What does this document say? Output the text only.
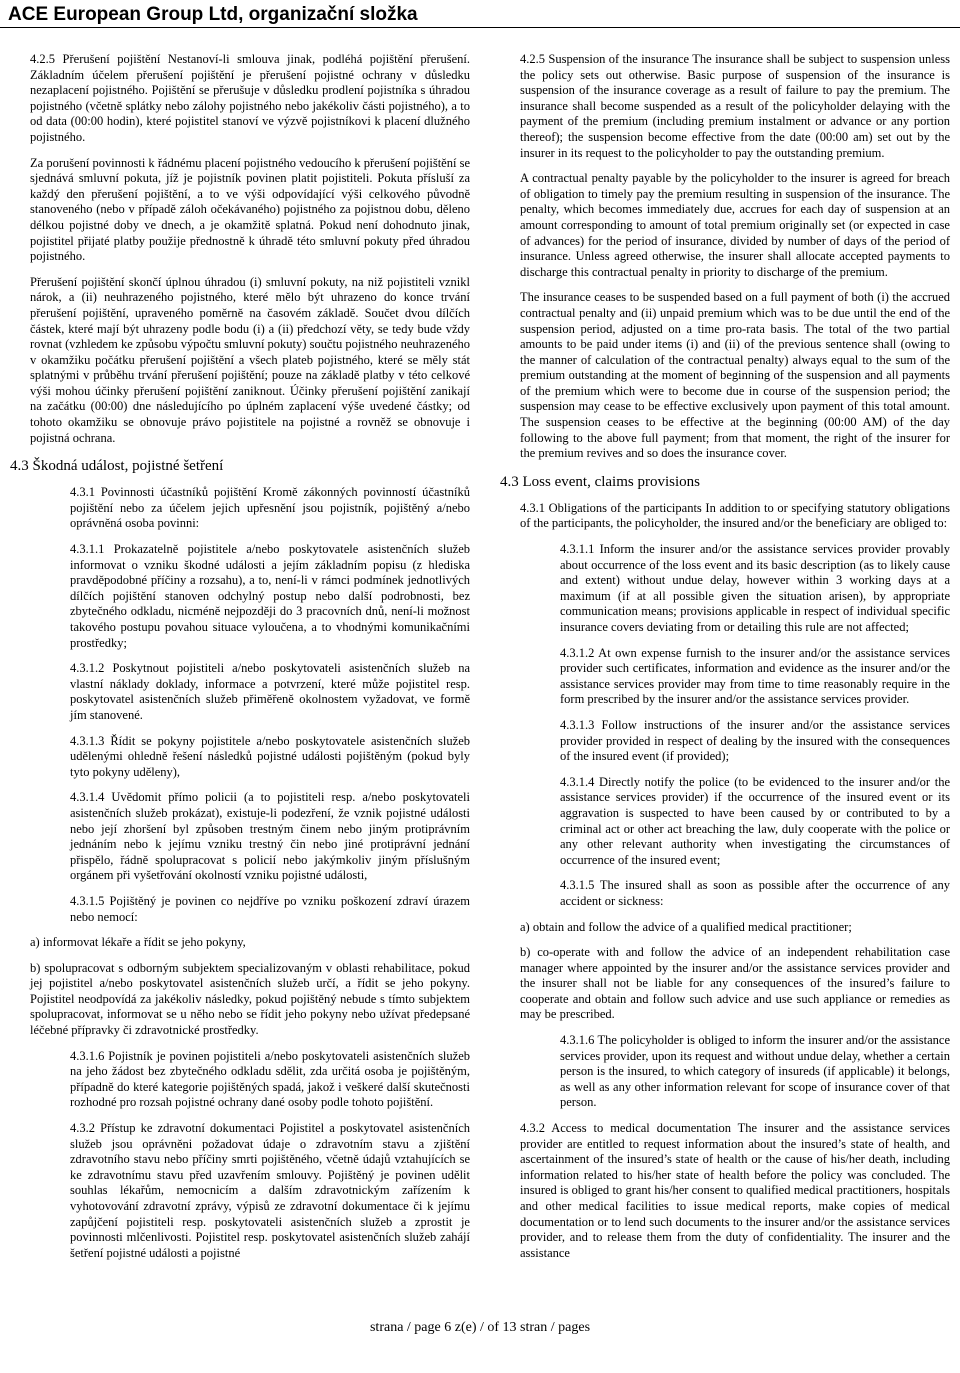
ACE European Group Ltd, organizační složka

4.2.5 Přerušení pojištění Nestanoví-li smlouva jinak, podléhá pojištění přerušení. Základním účelem přerušení pojištění je přerušení pojistné ochrany v důsledku nezaplacení pojistného. Pojištění se přerušuje v důsledku prodlení pojistníka s úhradou pojistného (včetně splátky nebo zálohy pojistného nebo jakékoliv části pojistného), a to od data (00:00 hodin), které pojistitel stanoví ve výzvě pojistníkovi k placení dlužného pojistného.

Za porušení povinnosti k řádnému placení pojistného vedoucího k přerušení pojištění se sjednává smluvní pokuta, jíž je pojistník povinen platit pojistiteli. Pokuta přísluší za každý den přerušení pojištění, a to ve výši odpovídající výši celkového původně stanoveného (nebo v případě záloh očekávaného) pojistného za pojistnou dobu, děleno délkou pojistné doby ve dnech, a je okamžitě splatná. Pokud není dohodnuto jinak, pojistitel přijaté platby použije přednostně k úhradě této smluvní pokuty před úhradou pojistného.

Přerušení pojištění skončí úplnou úhradou (i) smluvní pokuty, na niž pojistiteli vznikl nárok, a (ii) neuhrazeného pojistného, které mělo být uhrazeno do konce trvání přerušení pojištění, upraveného poměrně na časovém základě. Součet dvou dílčích částek, které mají být uhrazeny podle bodu (i) a (ii) předchozí věty, se tedy bude vždy rovnat (vzhledem ke způsobu výpočtu smluvní pokuty) součtu pojistného neuhrazeného v okamžiku počátku přerušení pojištění a všech plateb pojistného, které se měly stát splatnými v průběhu trvání přerušení pojištění; pouze na základě platby v této celkové výši mohou účinky přerušení pojištění zaniknout. Účinky přerušení pojištění zanikají na začátku (00:00) dne následujícího po úplném zaplacení výše uvedené částky; od tohoto okamžiku se obnovuje právo pojistitele na pojistné a rovněž se obnovuje i pojistná ochrana.

4.3 Škodná událost, pojistné šetření

4.3.1 Povinnosti účastníků pojištění Kromě zákonných povinností účastníků pojištění nebo za účelem jejich upřesnění jsou pojistník, pojištěný a/nebo oprávněná osoba povinni:

4.3.1.1 Prokazatelně pojistitele a/nebo poskytovatele asistenčních služeb informovat o vzniku škodné události a jejím základním popisu (z hlediska pravděpodobné příčiny a rozsahu), a to, není-li v rámci podmínek jednotlivých dílčích pojištění stanoven odchylný postup nebo další podrobnosti, bez zbytečného odkladu, nicméně nejpozději do 3 pracovních dnů, není-li možnost takového postupu povahou situace vyloučena, a to vhodnými komunikačními prostředky;

4.3.1.2 Poskytnout pojistiteli a/nebo poskytovateli asistenčních služeb na vlastní náklady doklady, informace a potvrzení, které může pojistitel resp. poskytovatel asistenčních služeb přiměřeně okolnostem vyžadovat, ve formě jím stanovené.

4.3.1.3 Řídit se pokyny pojistitele a/nebo poskytovatele asistenčních služeb udělenými ohledně řešení následků pojistné události pojištěným (pokud byly tyto pokyny uděleny),

4.3.1.4 Uvědomit přímo policii (a to pojistiteli resp. a/nebo poskytovateli asistenčních služeb prokázat), existuje-li podezření, že vznik pojistné události nebo její zhoršení byl způsoben trestným činem nebo jiným protiprávním jednáním nebo k jejímu vzniku trestný čin nebo jiné protiprávní jednání přispělo, řádně spolupracovat s policií nebo jakýmkoliv jiným příslušným orgánem při vyšetřování okolností vzniku pojistné události,

4.3.1.5 Pojištěný je povinen co nejdříve po vzniku poškození zdraví úrazem nebo nemocí:

a) informovat lékaře a řídit se jeho pokyny,

b) spolupracovat s odborným subjektem specializovaným v oblasti rehabilitace, pokud jej pojistitel a/nebo poskytovatel asistenčních služeb určí, a řídit se jeho pokyny. Pojistitel neodpovídá za jakékoliv následky, pokud pojištěný nebude s tímto subjektem spolupracovat, informovat se u něho nebo se řídit jeho pokyny nebo užívat předepsané léčebné přípravky či zdravotnické prostředky.

4.3.1.6 Pojistník je povinen pojistiteli a/nebo poskytovateli asistenčních služeb na jeho žádost bez zbytečného odkladu sdělit, zda určitá osoba je pojištěným, případně do které kategorie pojištěných spadá, jakož i veškeré další skutečnosti rozhodné pro rozsah pojistné ochrany dané osoby podle tohoto pojištění.

4.3.2 Přístup ke zdravotní dokumentaci Pojistitel a poskytovatel asistenčních služeb jsou oprávněni požadovat údaje o zdravotním stavu a zjištění zdravotního stavu nebo příčiny smrti pojištěného, včetně údajů vztahujících se ke zdravotnímu stavu před uzavřením smlouvy. Pojištěný je povinen udělit souhlas lékařům, nemocnicím a dalším zdravotnickým zařízením k vyhotovování zdravotní zprávy, výpisů ze zdravotní dokumentace či k jejímu zapůjčení pojistiteli resp. poskytovateli asistenčních služeb a zprostit je povinnosti mlčenlivosti. Pojistitel resp. poskytovatel asistenčních služeb zahájí šetření pojistné události a pojistné

4.2.5 Suspension of the insurance The insurance shall be subject to suspension unless the policy sets out otherwise. Basic purpose of suspension of the insurance is suspension of the insurance coverage as a result of failure to pay the premium. The insurance shall become suspended as a result of the policyholder delaying with the payment of the premium (including premium instalment or advance or any portion thereof); the suspension become effective from the date (00:00 am) set out by the insurer in its request to the policyholder to pay the outstanding premium.

A contractual penalty payable by the policyholder to the insurer is agreed for breach of obligation to timely pay the premium resulting in suspension of the insurance. The penalty, which becomes immediately due, accrues for each day of suspension at an amount corresponding to amount of total premium originally set (or expected in case of advances) for the period of insurance, divided by number of days of the period of insurance. Unless agreed otherwise, the insurer shall allocate accepted payments to discharge this contractual penalty in priority to discharge of the premium.

The insurance ceases to be suspended based on a full payment of both (i) the accrued contractual penalty and (ii) unpaid premium which was to be due until the end of the suspension period, adjusted on a time pro-rata basis. The total of the two partial amounts to be paid under items (i) and (ii) of the previous sentence shall (owing to the manner of calculation of the contractual penalty) always equal to the sum of the premium outstanding at the moment of beginning of the suspension and all payments of the premium which were to become due in course of the suspension period; the suspension may cease to be effective exclusively upon payment of this total amount. The suspension ceases to be effective at the beginning (00:00 AM) of the day following to the above full payment; from that moment, the right of the insurer for the premium revives and so does the insurance cover.

4.3 Loss event, claims provisions

4.3.1 Obligations of the participants In addition to or specifying statutory obligations of the participants, the policyholder, the insured and/or the beneficiary are obliged to:

4.3.1.1 Inform the insurer and/or the assistance services provider provably about occurrence of the loss event and its basic description (as to likely cause and extent) without undue delay, however within 3 working days at a maximum (if at all possible given the situation arisen), by appropriate communication means; provisions applicable in respect of individual specific insurance covers deviating from or detailing this rule are not affected;

4.3.1.2 At own expense furnish to the insurer and/or the assistance services provider such certificates, information and evidence as the insurer and/or the assistance services provider may from time to time reasonably require in the form prescribed by the insurer and/or the assistance services provider.

4.3.1.3 Follow instructions of the insurer and/or the assistance services provider provided in respect of dealing by the insured with the consequences of the insured event (if provided);

4.3.1.4 Directly notify the police (to be evidenced to the insurer and/or the assistance services provider) if the occurrence of the insured event or its aggravation is suspected to have been caused by or contributed to by a criminal act or other act breaching the law, duly cooperate with the police or any other relevant authority when investigating the circumstances of occurrence of the insured event;

4.3.1.5 The insured shall as soon as possible after the occurrence of any accident or sickness:

a) obtain and follow the advice of a qualified medical practitioner;

b) co-operate with and follow the advice of an independent rehabilitation case manager where appointed by the insurer and/or the assistance services provider and the insurer shall not be liable for any consequences of the insured’s failure to cooperate and obtain and follow such advice and use such appliance or remedies as may be prescribed.

4.3.1.6 The policyholder is obliged to inform the insurer and/or the assistance services provider, upon its request and without undue delay, whether a certain person is the insured, to which category of insureds (if applicable) it belongs, as well as any other information relevant for scope of insurance cover of that person.

4.3.2 Access to medical documentation The insurer and the assistance services provider are entitled to request information about the insured’s state of health, and ascertainment of the insured’s state of health or the cause of his/her death, including information related to his/her state of health before the policy was concluded. The insured is obliged to grant his/her consent to qualified medical practitioners, hospitals and other medical facilities to issue medical reports, make copies of medical documentation or to lend such documents to the insurer and/or the assistance services provider, and to release them from the duty of confidentiality. The insurer and the assistance

strana / page 6 z(e) / of 13 stran / pages
